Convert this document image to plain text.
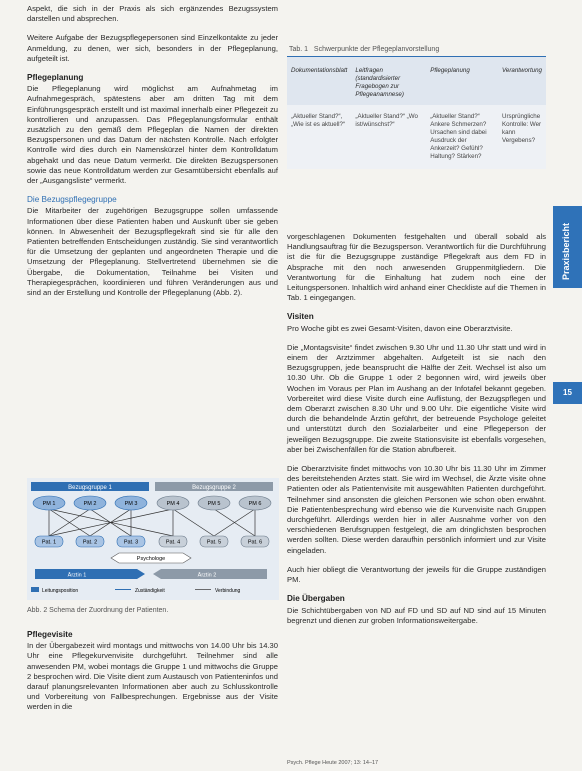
Aspekt, die sich in der Praxis als sich ergänzendes Bezugssystem darstellen und absprechen.

Weitere Aufgabe der Bezugspflegepersonen sind Einzelkontakte zu jeder Anmeldung, zu denen, wer sich, besonders in der Pflegeplanung, aufgeteilt ist.

Pflegeplanung

Die Pflegeplanung wird möglichst am Aufnahmetag im Aufnahmegespräch, spätestens aber am dritten Tag mit dem Einführungsgespräch erstellt und ist maximal innerhalb einer Pflegezeit zu kontrollieren und anzupassen. Das Pflegeplanungsformular enthält zusätzlich zu den gemäß dem Pflegeplan die Namen der direkten Bezugspersonen und das Datum der nächsten Kontrolle. Nach erfolgter Kontrolle wird dies durch ein Namenskürzel hinter dem Kontrolldatum abgehakt und das neue Datum vermerkt. Die direkten Bezugspersonen sowie das neue Kontrolldatum werden zur Gesamtübersicht ebenfalls auf der „Ausgangsliste“ vermerkt.

Die Bezugspflegegruppe

Die Mitarbeiter der zugehörigen Bezugsgruppe sollen umfassende Informationen über diese Patienten haben und Auskunft über sie geben können. In Abwesenheit der Bezugspflegekraft sind sie für alle den Patienten betreffenden Entscheidungen zuständig. Sie sind verantwortlich für die Umsetzung der geplanten und angeordneten Therapie und die Umsetzung der Pflegeplanung. Stellvertretend übernehmen sie die Übergabe, die Dokumentation, Teilnahme bei Visiten und Therapiegesprächen, koordinieren und führen Veränderungen aus und sind an der Erstellung und Kontrolle der Pflegeplanung (Abb. 2).

Tab. 1 Schwerpunkte der Pflegeplanvorstellung
Dokumentationsblatt	Leitfragen (standardisierter Fragebogen zur Pflegeanamnese)	Pflegeplanung	Verantwortung
„Aktueller Stand?“, „Wie ist es aktuell?“	„Aktueller Stand?“ „Wo ist/wünschst?“	„Aktueller Stand?“ Ankere Schmerzen? Ursachen sind dabei Ausdruck der Ankerzeit? Gefühl? Haltung? Stärken?	Ursprüngliche Kontrolle: Wer kann Vergebens?
Praxisbericht
15

vorgeschlagenen Dokumenten festgehalten und überall sobald als Handlungsauftrag für die Bezugsperson. Verantwortlich für die Durchführung ist die für die Bezugsgruppe zuständige Pflegekraft aus dem FD in Absprache mit den noch anwesenden Gruppenmitgliedern. Die Verantwortung für die Einhaltung hat zudem noch eine der Leitungspersonen. Inhaltlich wird anhand einer Checkliste auf die Themen in Tab. 1 eingegangen.

Visiten

Pro Woche gibt es zwei Gesamt-Visiten, davon eine Oberarztvisite.

Die „Montagsvisite“ findet zwischen 9.30 Uhr und 11.30 Uhr statt und wird in einem der Arztzimmer abgehalten. Aufgeteilt ist sie nach den Bezugsgruppen, jede beansprucht die Hälfte der Zeit. Wechsel ist also um 10.30 Uhr. Ob die Gruppe 1 oder 2 begonnen wird, wird jeweils über Wochen im Voraus per Plan im Aushang an der Infotafel bekannt gegeben. Vorbereitet wird diese Visite durch eine Auflistung, der Bezugspflegen und dem Oberarzt zwischen 8.30 Uhr und 9.00 Uhr. Die eigentliche Visite wird durch die behandelnde Ärztin geführt, der betreuende Psychologe geleitet und unterstützt durch den Sozialarbeiter und eine Pflegeperson der jeweiligen Bezugsgruppe. Die zweite Stationsvisite ist ebenfalls vorgesehen, aber bei Zwischenfällen für die Station abrufbereit.

Die Oberarztvisite findet mittwochs von 10.30 Uhr bis 11.30 Uhr im Zimmer des bereitstehenden Arztes statt. Sie wird im Wechsel, die Ärzte visite ohne Patienten oder als Patientenvisite mit ausgewählten Patienten durchgeführt. Teilnehmer sind ansonsten die gleichen Personen wie schon oben erwähnt. Die Patientenbesprechung wird ebenso wie die Kurvenvisite nach Gruppen durchgeführt. Allerdings werden hier in aller Ausnahme vorher von den verschiedenen Berufsgruppen festgelegt, die am dringlichsten besprochen werden sollten. Diese werden daraufhin persönlich informiert und zur Visite eingeladen.

Auch hier obliegt die Verantwortung der jeweils für die Gruppe zuständigen PM.

Die Übergaben

Die Schichtübergaben von ND auf FD und SD auf ND sind auf 15 Minuten begrenzt und dienen zur groben Informationsweitergabe.

Bezugsgruppe 1	Bezugsgruppe 2
PM 1	PM 2	PM 3	PM 4	PM 5	PM 6
Pat. 1	Pat. 2	Pat. 3	Pat. 4	Pat. 5	Pat. 6
Psychologe
Ärztin 1	Ärztin 2
Leitungsposition	Zuständigkeit	Verbindung
Abb. 2 Schema der Zuordnung der Patienten.
Pflegevisite

In der Übergabezeit wird montags und mittwochs von 14.00 Uhr bis 14.30 Uhr eine Pflegekurvenvisite durchgeführt. Teilnehmer sind alle anwesenden PM, wobei montags die Gruppe 1 und mittwochs die Gruppe 2 besprochen wird. Die Visite dient zum Austausch von Patienteninfos und darauf planungsrelevanten Informationen aber auch zu Schlusskontrolle und Vorbereitung von Fallbesprechungen. Ergebnisse aus der Visite werden in die

Psych. Pflege Heute 2007; 13: 14–17
